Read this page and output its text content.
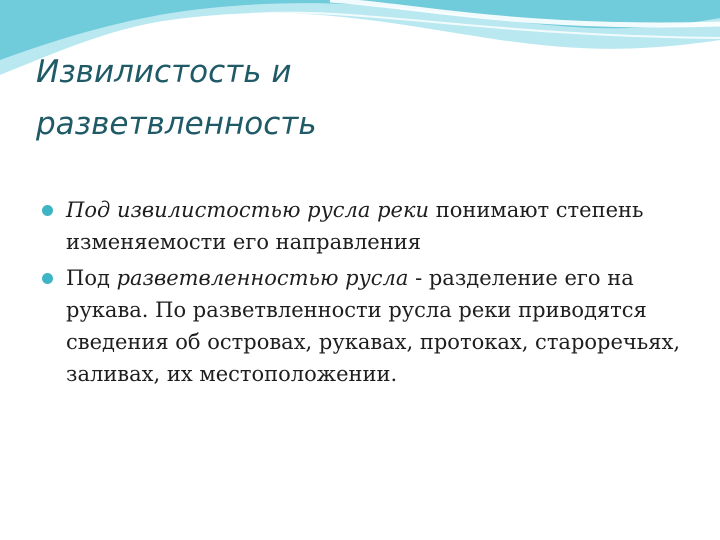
Извилистость и
разветвленность
Под извилистостью русла реки понимают степень изменяемости его направления
Под разветвленностью русла - разделение его на рукава. По разветвленности русла реки приводятся сведения об островах, рукавах, протоках, староречьях, заливах, их местоположении.
